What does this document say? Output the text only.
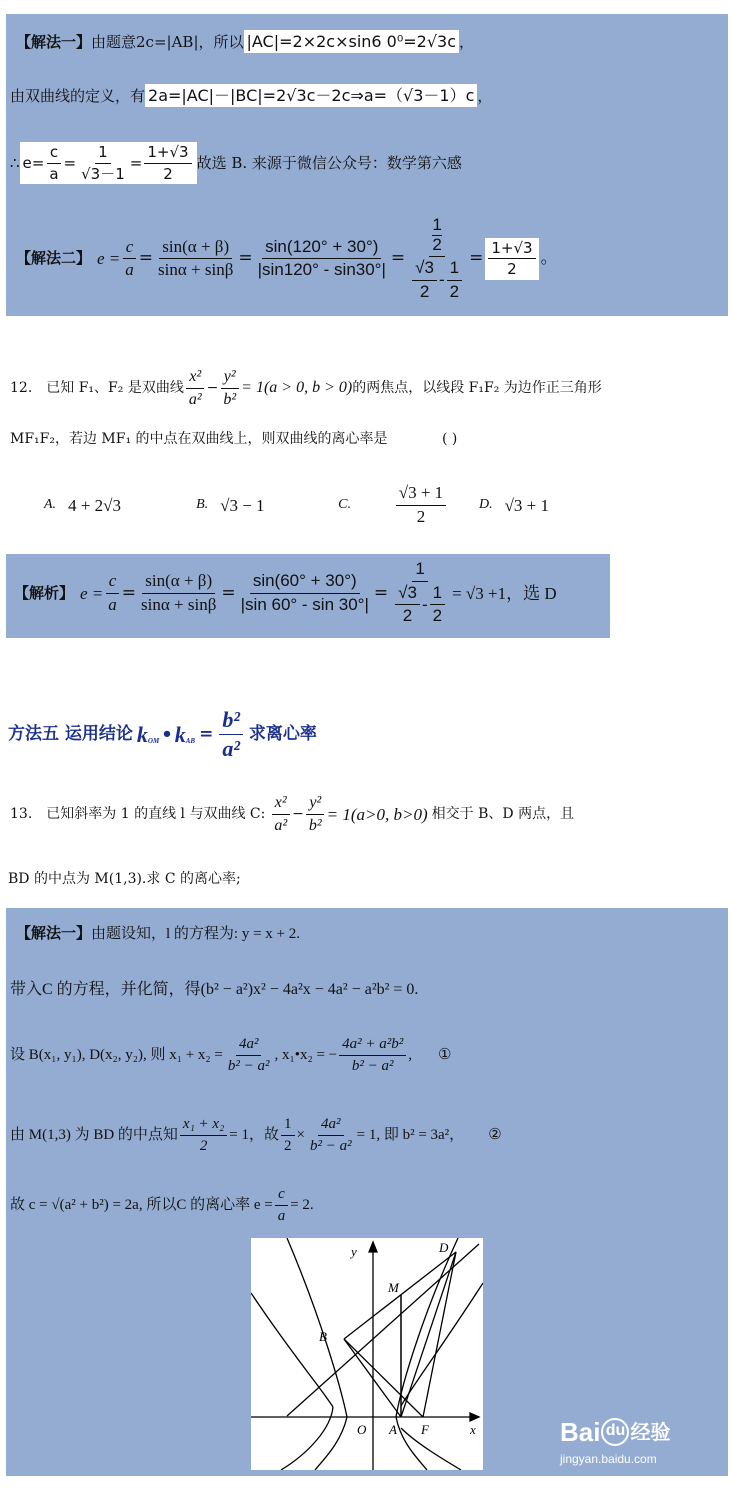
【解法一】由题意2c=|AB|，所以 |AC|=2×2c×sin6 0⁰=2√3c ，
由双曲线的定义，有 2a=|AC|－|BC|=2√3c－2c⇒a=（√3－1）c ，
∴ $e= \frac{c}{a} = \frac{1}{√3-1} = \frac{1+√3}{2}$ 故选 B. 来源于微信公众号：数学第六感
【解法二】 $e = \frac{c}{a} = \frac{\sin(\alpha + \beta)}{\sin\alpha + \sin\beta} = \frac{\sin(120^\circ + 30^\circ)}{|\sin 120^\circ - \sin 30^\circ|} = \frac{\frac{1}{2}}{\frac{√3}{2} - \frac{1}{2}} = \frac{1+√3}{2}$ 。
12. 已知 F₁、F₂ 是双曲线 $\frac{\text{x²}}{\text{a²}} - \frac{\text{y²}}{\text{b²}} = 1(a > 0$, b > 0) 的两焦点，以线段 F₁F₂ 为边作正三角形
MF₁F₂，若边 MF₁ 的中点在双曲线上，则双曲线的离心率是	( )
A. 4 + 2√3	B. √3 − 1	C. $\frac{√3 + 1}{2} D$. √3 + 1
【解析】 $e = \frac{c}{a} = \frac{\sin(\alpha + \beta)}{\sin\alpha + \sin\beta} = \frac{\sin(60^\circ + 30^\circ)}{|\sin 60^\circ - \sin 30^\circ|} = \frac{1}{\frac{√3}{2} - \frac{1}{2}} = √3 +1$，选 D
方法五 运用结论 $k_{OM}$ • $k_{AB} = \frac{\text{b²}}{\text{a²}}$ 求离心率
13. 已知斜率为 1 的直线 l 与双曲线 C: $\frac{\text{x²}}{\text{a²}} - \frac{\text{y²}}{\text{b²}} = 1(a>0$, b>0) 相交于 B、D 两点，且
BD 的中点为 M(1,3).求 C 的离心率;
【解法一】由题设知，l 的方程为: y = x + 2.
带入C 的方程，并化简，得(b² − a²)x² − 4a²x − 4a² − a²b² = 0.
设 B(x₁, y₁), D(x₂, y₂), 则 $x_1 + x_2 = \frac{\text{4a²}}{\text{b² − a²}}$ , x₁•x₂ = − $\frac{\text{4a² + a²b²}}{\text{b² − a²}}$ , ①
由 M(1,3) 为 BD 的中点知 $\frac{\text{x₁ + x₂}}{2} = 1$，故 $\frac{1}{2} \times \frac{\text{4a²}}{\text{b² − a²}} = 1$, 即 b² = 3a²， ②
故 c = √(a² + b²) = 2a, 所以C 的离心率 $e = \frac{c}{a} = 2$.
y
x
O A
B
D
M
F	Bai du 经验
jingyan.baidu.com
